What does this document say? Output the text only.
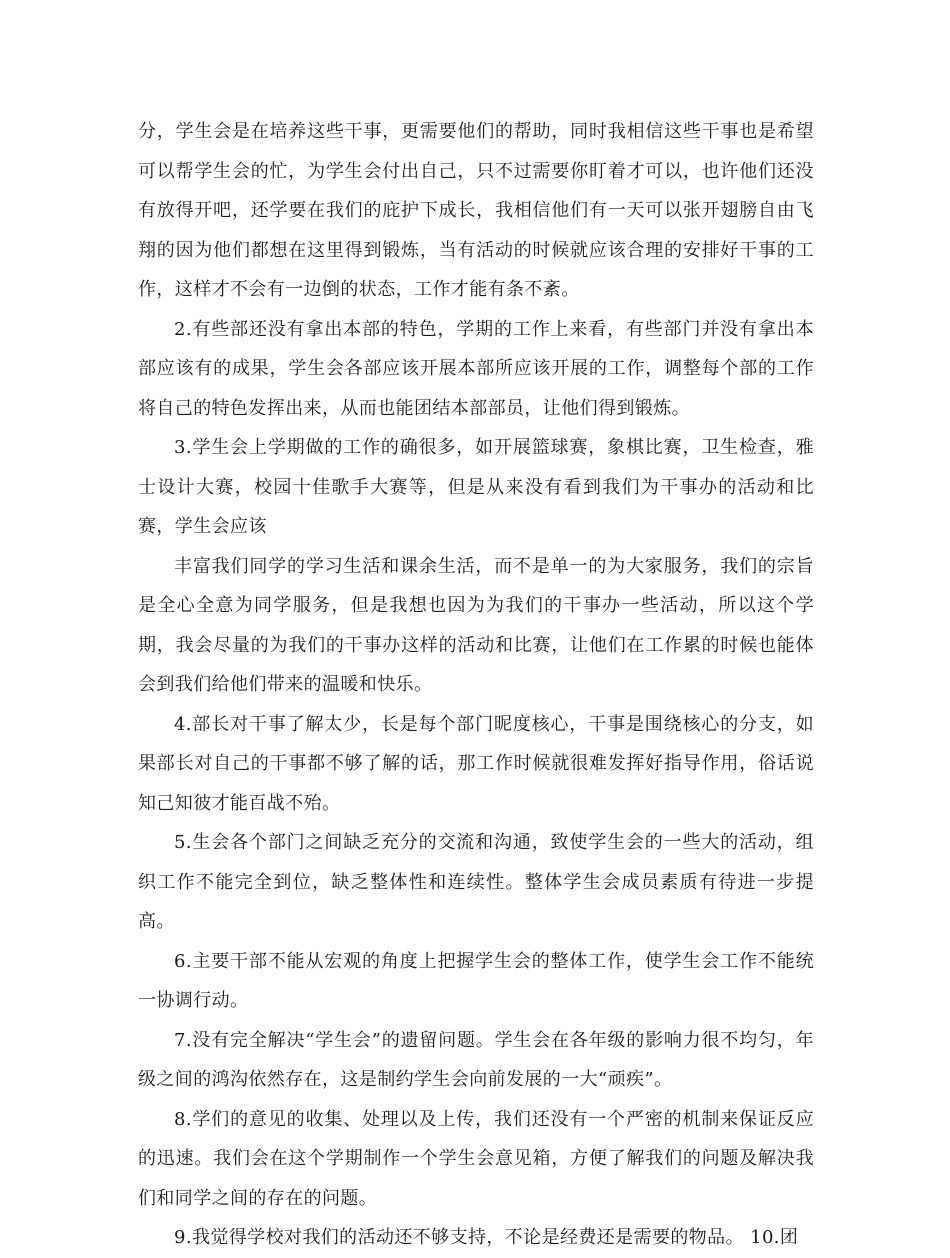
分，学生会是在培养这些干事，更需要他们的帮助，同时我相信这些干事也是希望可以帮学生会的忙，为学生会付出自己，只不过需要你盯着才可以，也许他们还没有放得开吧，还学要在我们的庇护下成长，我相信他们有一天可以张开翅膀自由飞翔的因为他们都想在这里得到锻炼，当有活动的时候就应该合理的安排好干事的工作，这样才不会有一边倒的状态，工作才能有条不紊。

2.有些部还没有拿出本部的特色，学期的工作上来看，有些部门并没有拿出本部应该有的成果，学生会各部应该开展本部所应该开展的工作，调整每个部的工作将自己的特色发挥出来，从而也能团结本部部员，让他们得到锻炼。

3.学生会上学期做的工作的确很多，如开展篮球赛，象棋比赛，卫生检查，雅士设计大赛，校园十佳歌手大赛等，但是从来没有看到我们为干事办的活动和比赛，学生会应该

丰富我们同学的学习生活和课余生活，而不是单一的为大家服务，我们的宗旨是全心全意为同学服务，但是我想也因为为我们的干事办一些活动，所以这个学期，我会尽量的为我们的干事办这样的活动和比赛，让他们在工作累的时候也能体会到我们给他们带来的温暖和快乐。

4.部长对干事了解太少，长是每个部门昵度核心，干事是围绕核心的分支，如果部长对自己的干事都不够了解的话，那工作时候就很难发挥好指导作用，俗话说知己知彼才能百战不殆。

5.生会各个部门之间缺乏充分的交流和沟通，致使学生会的一些大的活动，组织工作不能完全到位，缺乏整体性和连续性。整体学生会成员素质有待进一步提高。

6.主要干部不能从宏观的角度上把握学生会的整体工作，使学生会工作不能统一协调行动。

7.没有完全解决“学生会”的遗留问题。学生会在各年级的影响力很不均匀，年级之间的鸿沟依然存在，这是制约学生会向前发展的一大“顽疾”。

8.学们的意见的收集、处理以及上传，我们还没有一个严密的机制来保证反应的迅速。我们会在这个学期制作一个学生会意见箱，方便了解我们的问题及解决我们和同学之间的存在的问题。

9.我觉得学校对我们的活动还不够支持，不论是经费还是需要的物品。 10.团
